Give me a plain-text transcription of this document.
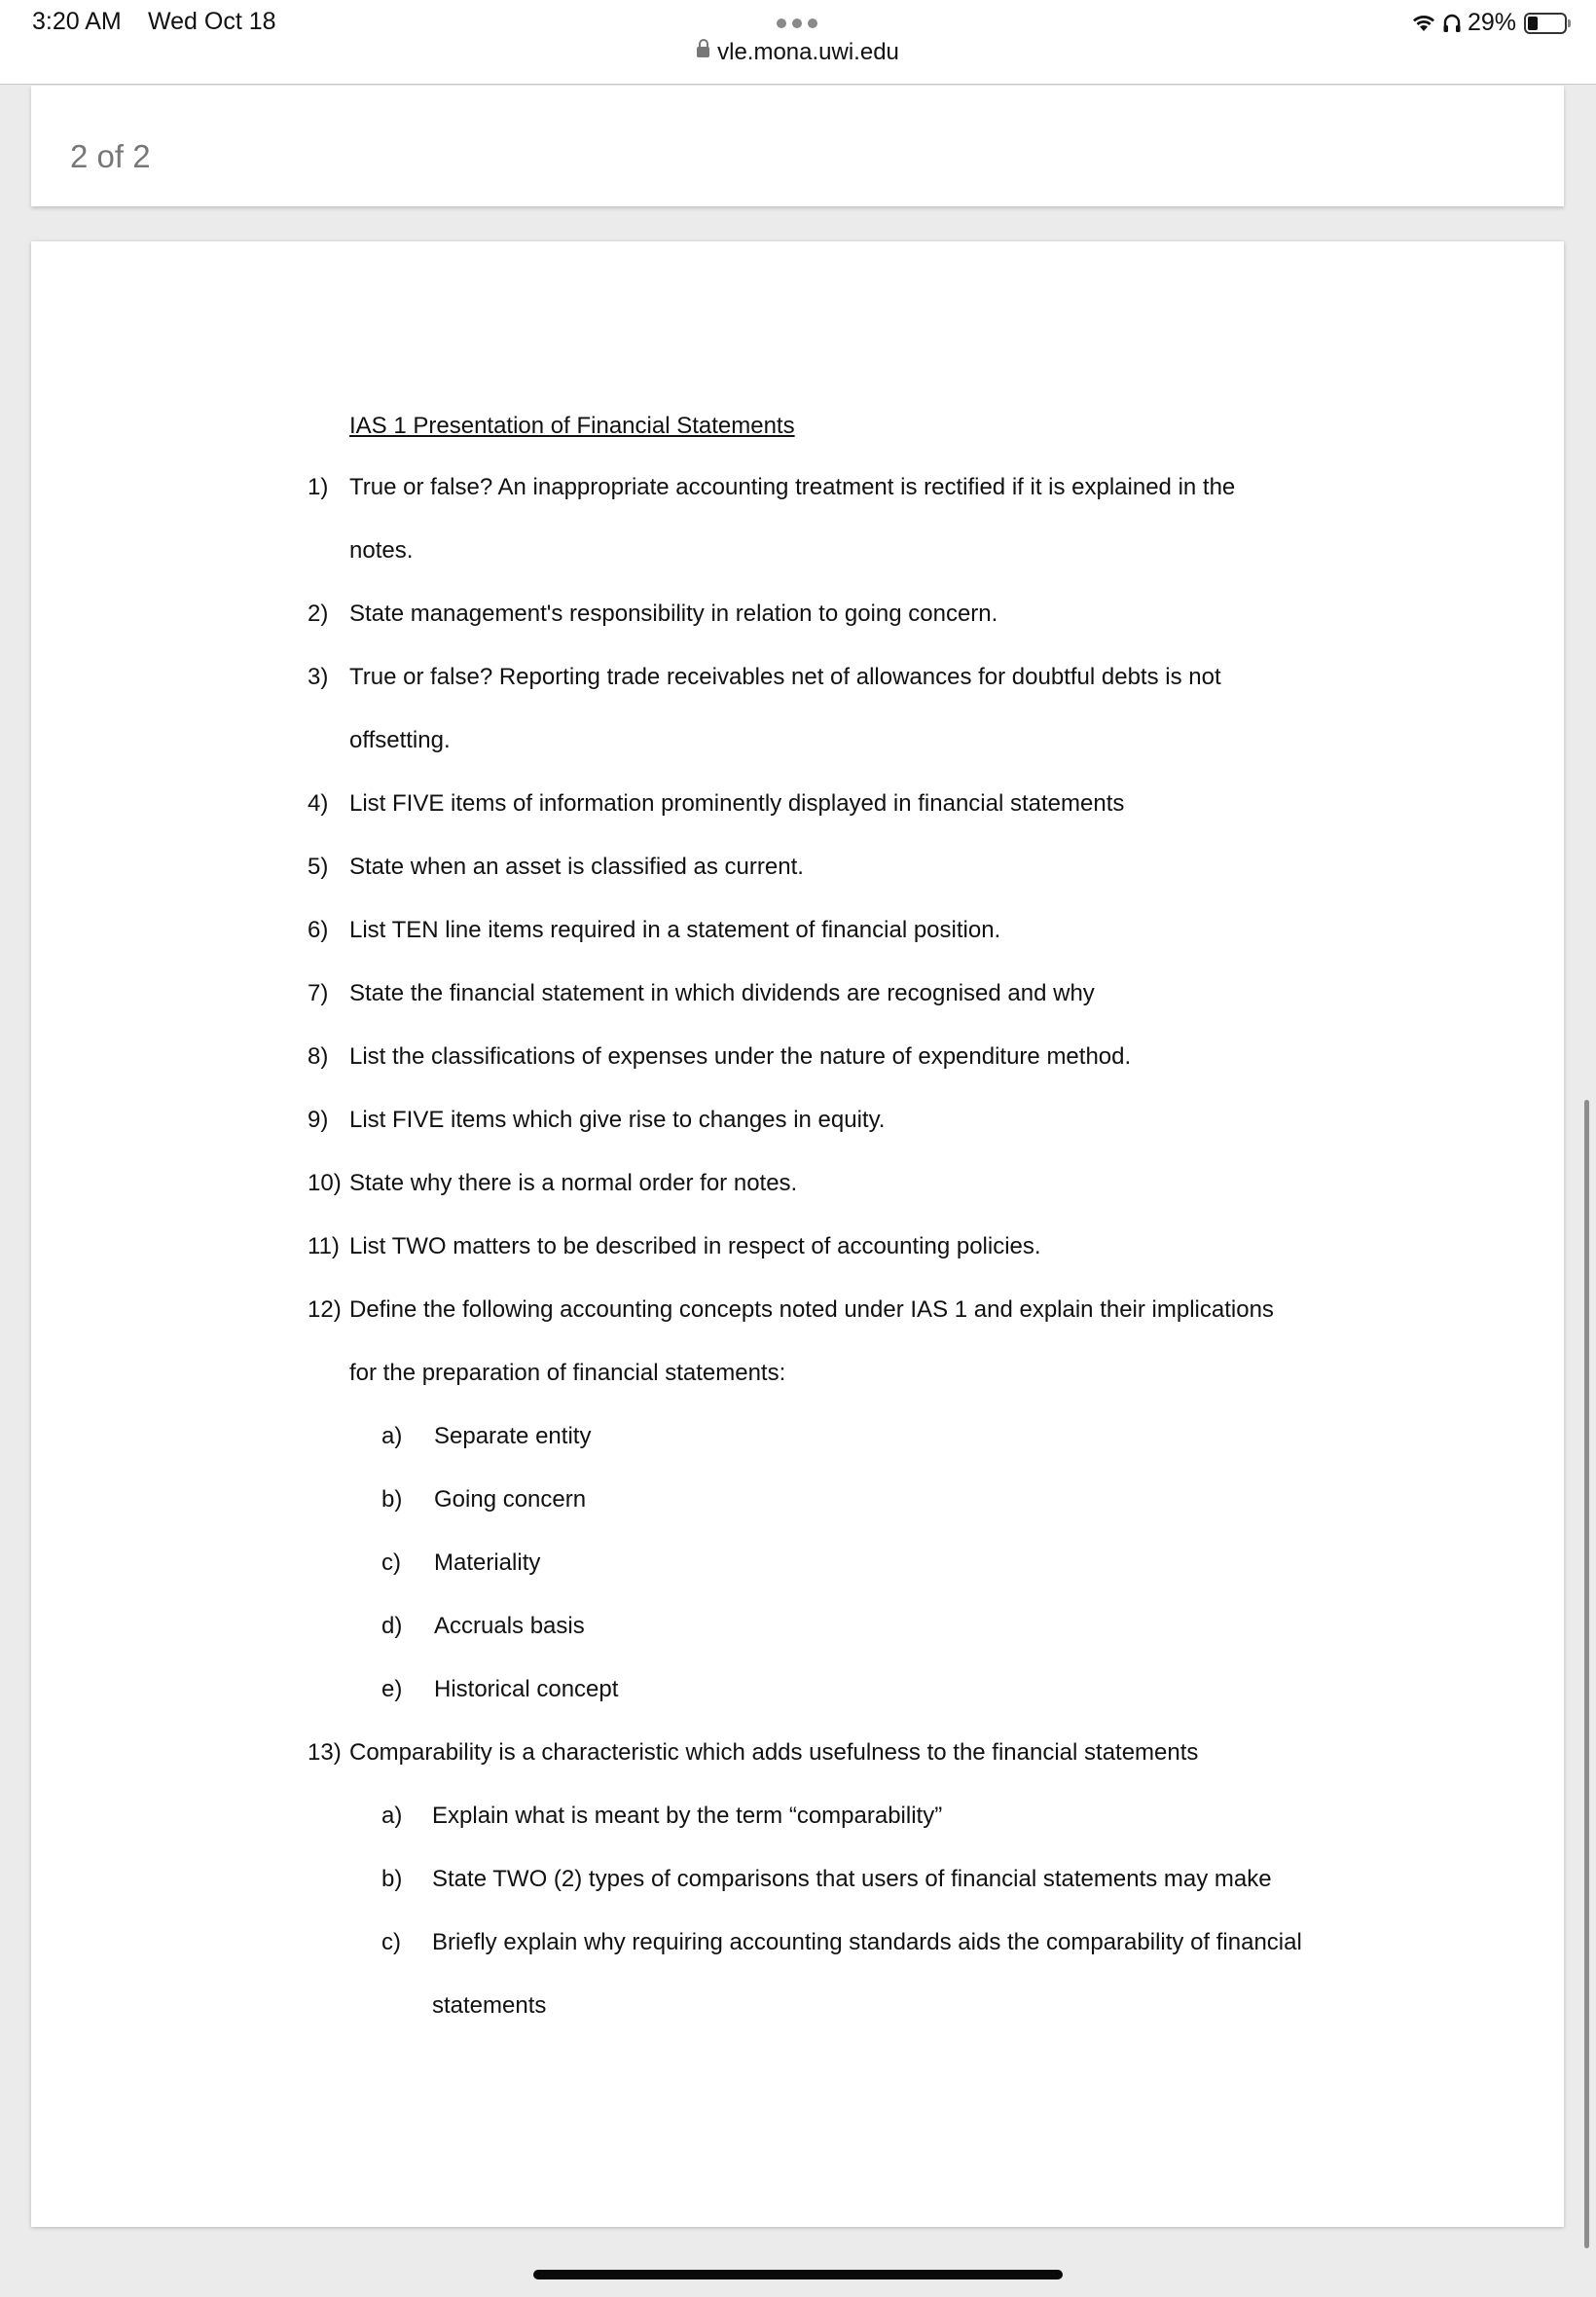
3:20 AM Wed Oct 18
vle.mona.uwi.edu
29%
2 of 2
IAS 1 Presentation of Financial Statements
1) True or false? An inappropriate accounting treatment is rectified if it is explained in the
notes.
2) State management's responsibility in relation to going concern.
3) True or false? Reporting trade receivables net of allowances for doubtful debts is not
offsetting.
4) List FIVE items of information prominently displayed in financial statements
5) State when an asset is classified as current.
6) List TEN line items required in a statement of financial position.
7) State the financial statement in which dividends are recognised and why
8) List the classifications of expenses under the nature of expenditure method.
9) List FIVE items which give rise to changes in equity.
10) State why there is a normal order for notes.
11) List TWO matters to be described in respect of accounting policies.
12) Define the following accounting concepts noted under IAS 1 and explain their implications
for the preparation of financial statements:
a) Separate entity
b) Going concern
c) Materiality
d) Accruals basis
e) Historical concept
13) Comparability is a characteristic which adds usefulness to the financial statements
a) Explain what is meant by the term “comparability”
b) State TWO (2) types of comparisons that users of financial statements may make
c) Briefly explain why requiring accounting standards aids the comparability of financial
statements
